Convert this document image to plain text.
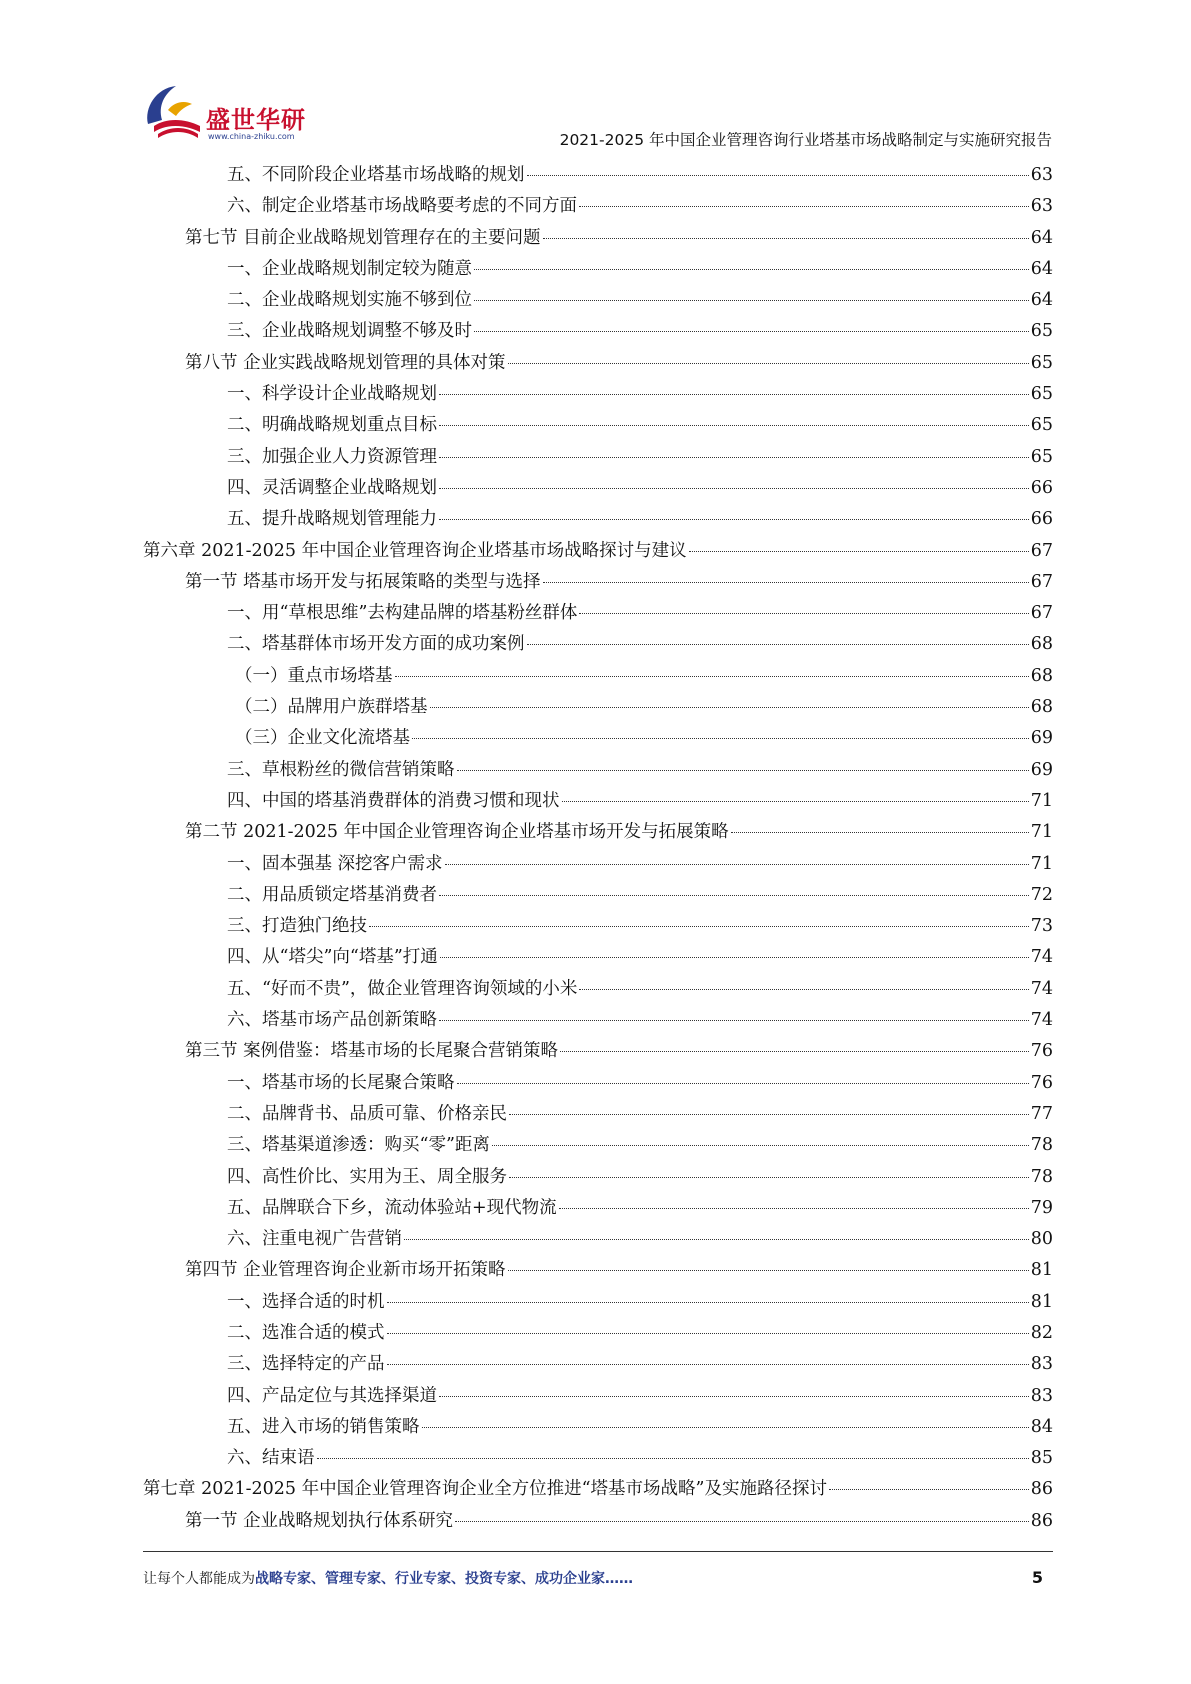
盛世华研
www.china-zhiku.com	2021-2025 年中国企业管理咨询行业塔基市场战略制定与实施研究报告
五、不同阶段企业塔基市场战略的规划	63
六、制定企业塔基市场战略要考虑的不同方面	63
第七节 目前企业战略规划管理存在的主要问题	64
一、企业战略规划制定较为随意	64
二、企业战略规划实施不够到位	64
三、企业战略规划调整不够及时	65
第八节 企业实践战略规划管理的具体对策	65
一、科学设计企业战略规划	65
二、明确战略规划重点目标	65
三、加强企业人力资源管理	65
四、灵活调整企业战略规划	66
五、提升战略规划管理能力	66
第六章 2021-2025 年中国企业管理咨询企业塔基市场战略探讨与建议	67
第一节 塔基市场开发与拓展策略的类型与选择	67
一、用“草根思维”去构建品牌的塔基粉丝群体	67
二、塔基群体市场开发方面的成功案例	68
（一）重点市场塔基	68
（二）品牌用户族群塔基	68
（三）企业文化流塔基	69
三、草根粉丝的微信营销策略	69
四、中国的塔基消费群体的消费习惯和现状	71
第二节 2021-2025 年中国企业管理咨询企业塔基市场开发与拓展策略	71
一、固本强基 深挖客户需求	71
二、用品质锁定塔基消费者	72
三、打造独门绝技	73
四、从“塔尖”向“塔基”打通	74
五、“好而不贵”，做企业管理咨询领域的小米	74
六、塔基市场产品创新策略	74
第三节 案例借鉴：塔基市场的长尾聚合营销策略	76
一、塔基市场的长尾聚合策略	76
二、品牌背书、品质可靠、价格亲民	77
三、塔基渠道渗透：购买“零”距离	78
四、高性价比、实用为王、周全服务	78
五、品牌联合下乡，流动体验站+现代物流	79
六、注重电视广告营销	80
第四节 企业管理咨询企业新市场开拓策略	81
一、选择合适的时机	81
二、选准合适的模式	82
三、选择特定的产品	83
四、产品定位与其选择渠道	83
五、进入市场的销售策略	84
六、结束语	85
第七章 2021-2025 年中国企业管理咨询企业全方位推进“塔基市场战略”及实施路径探讨	86
第一节 企业战略规划执行体系研究	86
让每个人都能成为战略专家、管理专家、行业专家、投资专家、成功企业家……	5
